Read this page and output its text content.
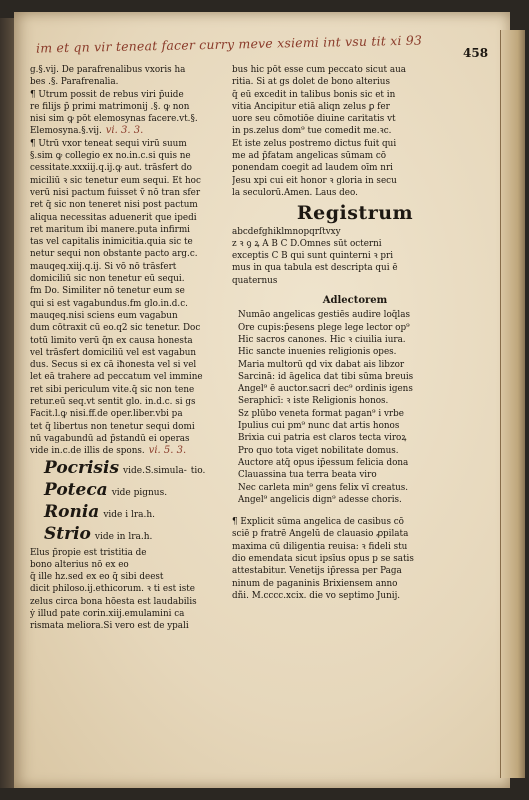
im et qn vir teneat facer curry meve xsiemi int vsu tit xi 93	458
g.§.vij. De parafrenalibus vxoris ha
bes .§. Parafrenalia.
¶ Utrum possit de rebus viri p̄uide
re filijs p̄ primi matrimonij .§. ꝙ non
nisi sim ꝙ pōt elemosynas facere.vt.§.
Elemosyna.§.vij. vi. 3. 3.
¶ Utrū vxor teneat sequi virū suum
§.sim ꝙ collegio ex no.in.c.si quis ne
cessitate.xxxiij.q.ij.ꝙ aut. trāsfert do
miciliū ꝛ sic tenetur eum sequi. Et hoc
verū nisi pactum fuisset v̄ nō tran sfer
ret q̄ sic non teneret nisi post pactum
aliqua necessitas adueneriṫ que ipedi
ret maritum ibi manere.puta infirmi
tas vel capitalis inimicitia.quia sic te
netur sequi non obstante pacto arg.c.
mauqeq.xiij.q.ij. Si vō nō trāsfert
domiciliū sic non tenetur eū sequi.
fm Do. Similiter nō tenetur eum se
qui si est vagabundus.fm glo.in.d.c.
mauqeq.nisi sciens eum vagabun
dum cōtraxit cū eo.q2 sic tenetur. Doc
totū limito verū q̄n ex causa honesta
vel trāsfert domiciliū vel est vagabun
dus. Secus si ex cā iħonesta vel si vel
let eā trahere ad peccatum vel immine
ret sibi periculum vite.q̄ sic non tene
retur.eū seq.vt sentit glo. in.d.c. si gs
Facit.l.ꝙ nisi.ff.de oper.liber.vbi pa
tet q̄ libertus non tenetur sequi domi
nū vagabundū ad p̄standū ei operas
vide in.c.de illis de spons. vi. 5. 3.
Pocrisis vide.S.simula- tio.
Poteca vide pignus.
Ronia vide i lra.h.
Strio vide in lra.h.
Elus p̄ropie est tristitia de
bono alterius nō ex eo
q̄ ille hz.sed ex eo q̄ sibi deest
dicit philoso.ij.ethicorum. ꝛ ti est iste
zelus circa bona hōesta est laudabilis
ẏ illud pate corin.xiij.emulamini ca
rismata meliora.Si vero est de ypali
bus hic pōt esse cum peccato sicut aua
ritia. Si at gs dolet de bono alterius
q̄ eū excedit in talibus bonis sic et in
vitia Ancipitur etiā aliqn zelus ꝑ fer
uore seu cōmotiōe diuine caritatis vt
in ps.zelus dom⁹ tue comedit me.ꝛc.
Et iste zelus postremo dictus fuit qui
me ad p̄fatam angelicas sūmam cō
ponendam coegit ad laudem oīm nri
Jesu xpi cui eit honor ꝛ gloria in secu
la seculorū.Amen. Laus deo.
Registrum
abcdefghiklmnopqrſtvxy
z ꝛ ꝯ ꝝ A B C D.Omnes sūt octerni
exceptis C B qui sunt quinterni ꝛ pri
mus in qua tabula est descripta qui ē
quaternus
Adlectorem
Numāo angelicas gestiēs audire loq̄las
Ore cupis:p̄esens plege lege lector op⁹
Hic sacros canones. Hic ꝛ ciuilia iura.
Hic sancte inuenies religionis opes.
Maria multorū qd vix dabat ais libzor
Sarcinā: id āgelica dat tibi sūma breuis
Angel⁹ ē auctor.sacri dec⁹ ordinis igens
Seraphicī: ꝛ iste Religionis honos.
Sz plūbo veneta format pagan⁹ i vrbe
Ipulius cui pm⁹ nunc dat artis honos
Brixia cui patria est claros tecta viroꝝ
Pro quo tota viget nobilitate domus.
Auctore atq̄ opus ip̄essum felicia dona
Clauassina tua terra beata viro
Nec carleta min⁹ gens felix vī creatus.
Angel⁹ angelicis dign⁹ adesse choris.
¶ Explicit sūma angelica de casibus cō
sciē p fratrē Angelū de clauasio ꝓpilata
maxima cū diligentia reuisa: ꝛ fideli stu
dio emendata sicut ipsīus opus p se satis
attestabitur. Venetijs ip̄ressa per Paga
ninum de paganinis Brixiensem anno
dñi. M.cccc.xcix. die vo septimo Junij.
